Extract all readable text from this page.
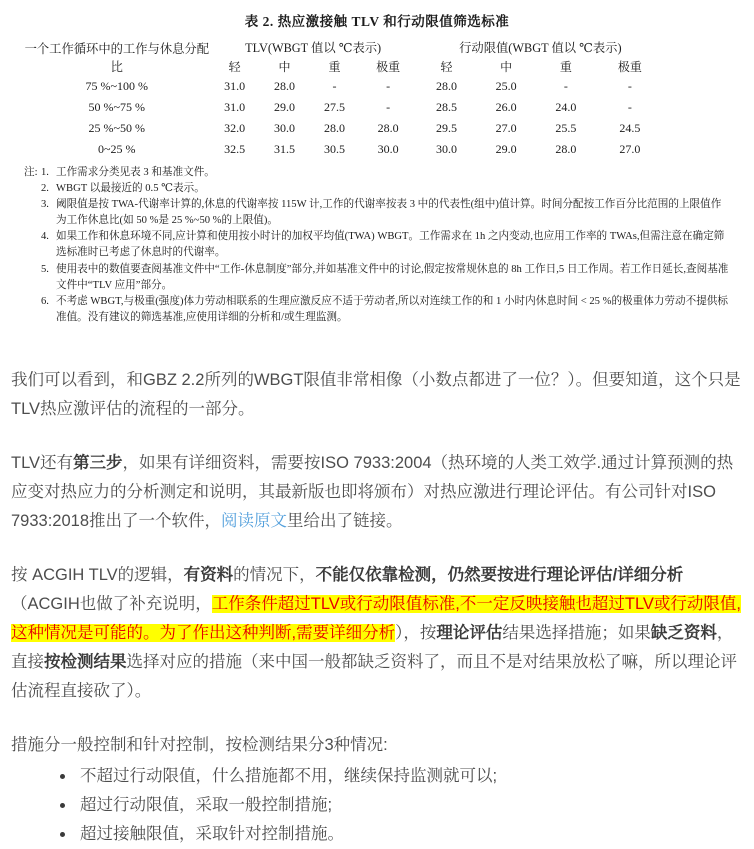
表 2. 热应激接触 TLV 和行动限值筛选标准
一个工作循环中的工作与休息分配比	TLV(WBGT 值以 ℃表示)				行动限值(WBGT 值以 ℃表示)			
	轻	中	重	极重	轻	中	重	极重
75 %~100 %	31.0	28.0	-	-	28.0	25.0	-	-
50 %~75 %	31.0	29.0	27.5	-	28.5	26.0	24.0	-
25 %~50 %	32.0	30.0	28.0	28.0	29.5	27.0	25.5	24.5
0~25 %	32.5	31.5	30.5	30.0	30.0	29.0	28.0	27.0
注: 1. 工作需求分类见表 3 和基准文件。
2. WBGT 以最接近的 0.5 ℃表示。
3. 阈限值是按 TWA-代谢率计算的,休息的代谢率按 115W 计,工作的代谢率按表 3 中的代表性(组中)值计算。时间分配按工作百分比范围的上限值作为工作休息比(如 50 %是 25 %~50 %的上限值)。
4. 如果工作和休息环境不同,应计算和使用按小时计的加权平均值(TWA) WBGT。工作需求在 1h 之内变动,也应用工作率的 TWAs,但需注意在确定筛选标准时已考虑了休息时的代谢率。
5. 使用表中的数值要查阅基准文件中“工作-休息制度”部分,并如基准文件中的讨论,假定按常规休息的 8h 工作日,5 日工作周。若工作日延长,查阅基准文件中“TLV 应用”部分。
6. 不考虑 WBGT,与极重(强度)体力劳动相联系的生理应激反应不适于劳动者,所以对连续工作的和 1 小时内休息时间 < 25 %的极重体力劳动不提供标准值。没有建议的筛选基准,应使用详细的分析和/或生理监测。

我们可以看到，和GBZ 2.2所列的WBGT限值非常相像（小数点都进了一位？）。但要知道，这个只是TLV热应激评估的流程的一部分。

TLV还有第三步，如果有详细资料，需要按ISO 7933:2004（热环境的人类工效学.通过计算预测的热应变对热应力的分析测定和说明，其最新版也即将颁布）对热应激进行理论评估。有公司针对ISO 7933:2018推出了一个软件，阅读原文里给出了链接。

按 ACGIH TLV的逻辑，有资料的情况下，不能仅依靠检测，仍然要按进行理论评估/详细分析（ACGIH也做了补充说明，工作条件超过TLV或行动限值标准,不一定反映接触也超过TLV或行动限值,这种情况是可能的。为了作出这种判断,需要详细分析），按理论评估结果选择措施；如果缺乏资料，直接按检测结果选择对应的措施（来中国一般都缺乏资料了，而且不是对结果放松了嘛，所以理论评估流程直接砍了）。

措施分一般控制和针对控制，按检测结果分3种情况:

不超过行动限值，什么措施都不用，继续保持监测就可以;
超过行动限值，采取一般控制措施;
超过接触限值，采取针对控制措施。
